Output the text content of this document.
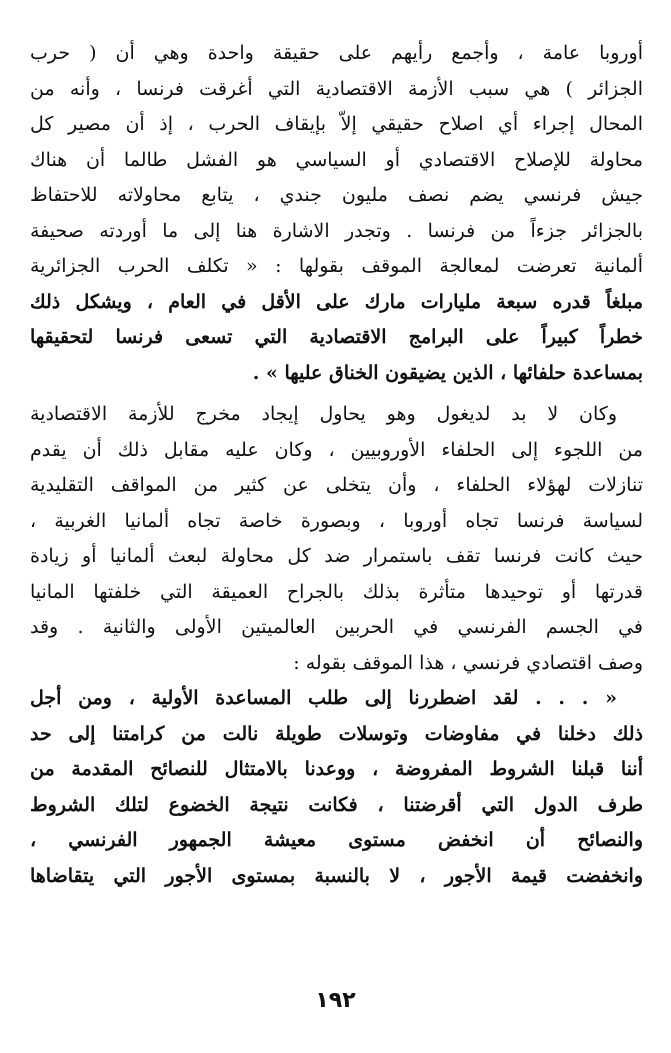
أوروبا عامة ، وأجمع رأيهم على حقيقة واحدة وهي أن ( حرب
الجزائر ) هي سبب الأزمة الاقتصادية التي أغرقت فرنسا ، وأنه من
المحال إجراء أي اصلاح حقيقي إلاّ بإيقاف الحرب ، إذ أن مصير كل
محاولة للإصلاح الاقتصادي أو السياسي هو الفشل طالما أن هناك
جيش فرنسي يضم نصف مليون جندي ، يتابع محاولاته للاحتفاظ
بالجزائر جزءاً من فرنسا . وتجدر الاشارة هنا إلى ما أوردته صحيفة
ألمانية تعرضت لمعالجة الموقف بقولها : « تكلف الحرب الجزائرية
مبلغاً قدره سبعة مليارات مارك على الأقل في العام ، ويشكل ذلك
خطراً كبيراً على البرامج الاقتصادية التي تسعى فرنسا لتحقيقها
بمساعدة حلفائها ، الذين يضيقون الخناق عليها » .
وكان لا بد لديغول وهو يحاول إيجاد مخرج للأزمة الاقتصادية
من اللجوء إلى الحلفاء الأوروبيين ، وكان عليه مقابل ذلك أن يقدم
تنازلات لهؤلاء الحلفاء ، وأن يتخلى عن كثير من المواقف التقليدية
لسياسة فرنسا تجاه أوروبا ، وبصورة خاصة تجاه ألمانيا الغربية ،
حيث كانت فرنسا تقف باستمرار ضد كل محاولة لبعث ألمانيا أو زيادة
قدرتها أو توحيدها متأثرة بذلك بالجراح العميقة التي خلفتها المانيا
في الجسم الفرنسي في الحربين العالميتين الأولى والثانية . وقد
وصف اقتصادي فرنسي ، هذا الموقف بقوله :
« . . . لقد اضطررنا إلى طلب المساعدة الأولية ، ومن أجل
ذلك دخلنا في مفاوضات وتوسلات طويلة نالت من كرامتنا إلى حد
أننا قبلنا الشروط المفروضة ، ووعدنا بالامتثال للنصائح المقدمة من
طرف الدول التي أقرضتنا ، فكانت نتيجة الخضوع لتلك الشروط
والنصائح أن انخفض مستوى معيشة الجمهور الفرنسي ،
وانخفضت قيمة الأجور ، لا بالنسبة بمستوى الأجور التي يتقاضاها
١٩٢
